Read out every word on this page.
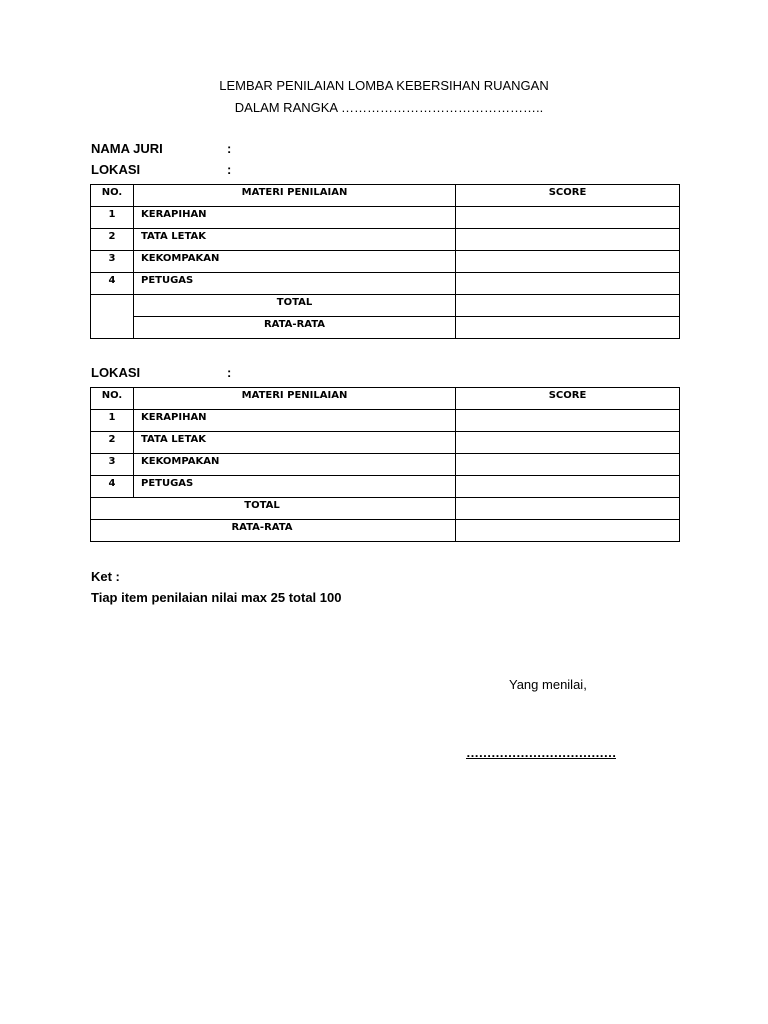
LEMBAR PENILAIAN LOMBA KEBERSIHAN RUANGAN
DALAM RANGKA ………………………………………..
NAMA JURI	:
LOKASI	:
NO.	MATERI PENILAIAN	SCORE
1	KERAPIHAN	
2	TATA LETAK	
3	KEKOMPAKAN	
4	PETUGAS	
	TOTAL	
	RATA-RATA	
LOKASI	:
NO.	MATERI PENILAIAN	SCORE
1	KERAPIHAN	
2	TATA LETAK	
3	KEKOMPAKAN	
4	PETUGAS	
TOTAL		
RATA-RATA		
Ket :
Tiap item penilaian nilai max 25 total 100
Yang menilai,
………………………………
